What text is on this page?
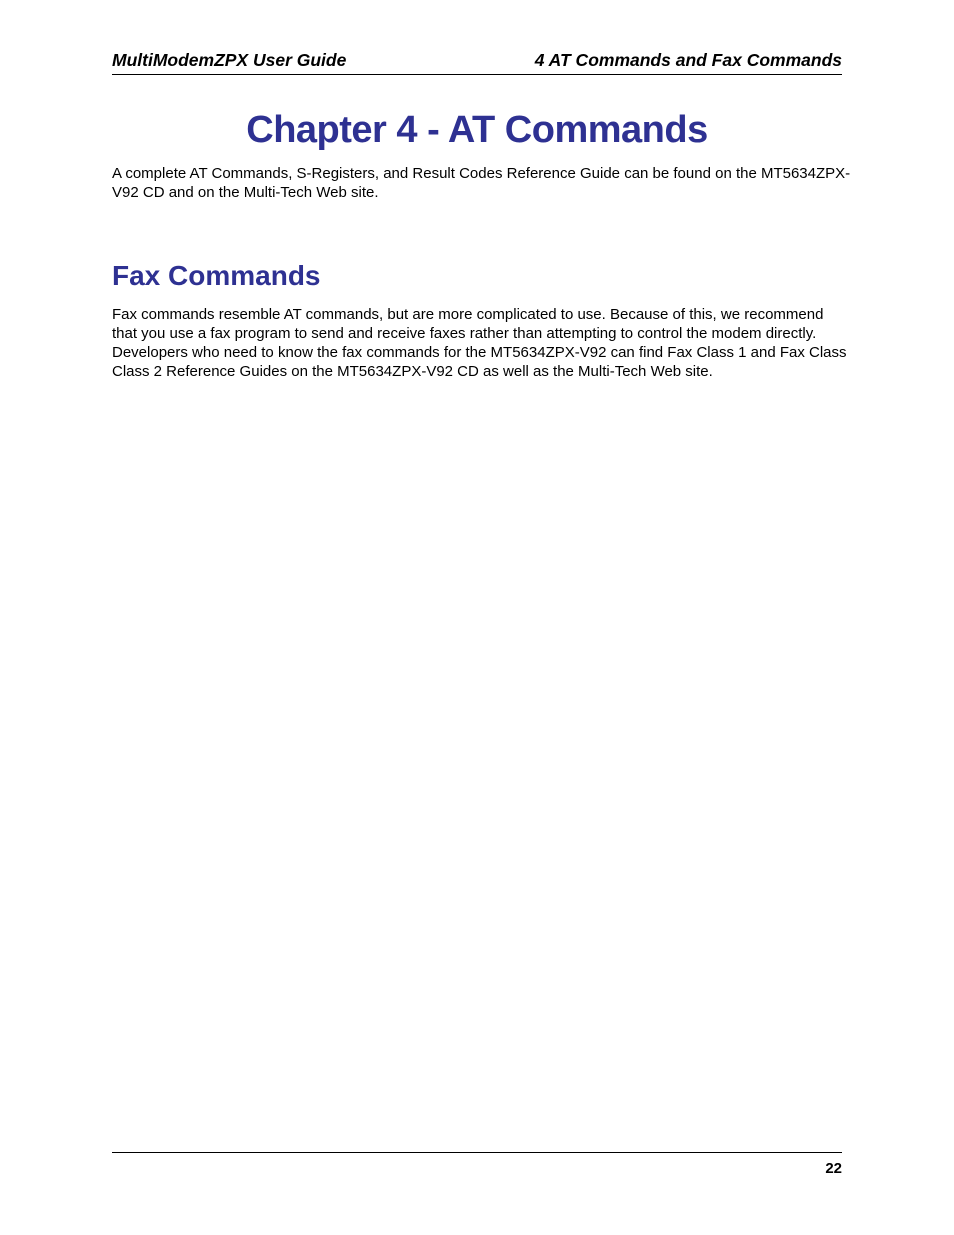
MultiModemZPX User Guide	4 AT Commands and Fax Commands
Chapter 4 - AT Commands

A complete AT Commands, S-Registers, and Result Codes Reference Guide can be found on the MT5634ZPX-V92 CD and on the Multi-Tech Web site.

Fax Commands

Fax commands resemble AT commands, but are more complicated to use. Because of this, we recommend that you use a fax program to send and receive faxes rather than attempting to control the modem directly. Developers who need to know the fax commands for the MT5634ZPX-V92 can find Fax Class 1 and Fax Class Class 2 Reference Guides on the MT5634ZPX-V92 CD as well as the Multi-Tech Web site.

22
